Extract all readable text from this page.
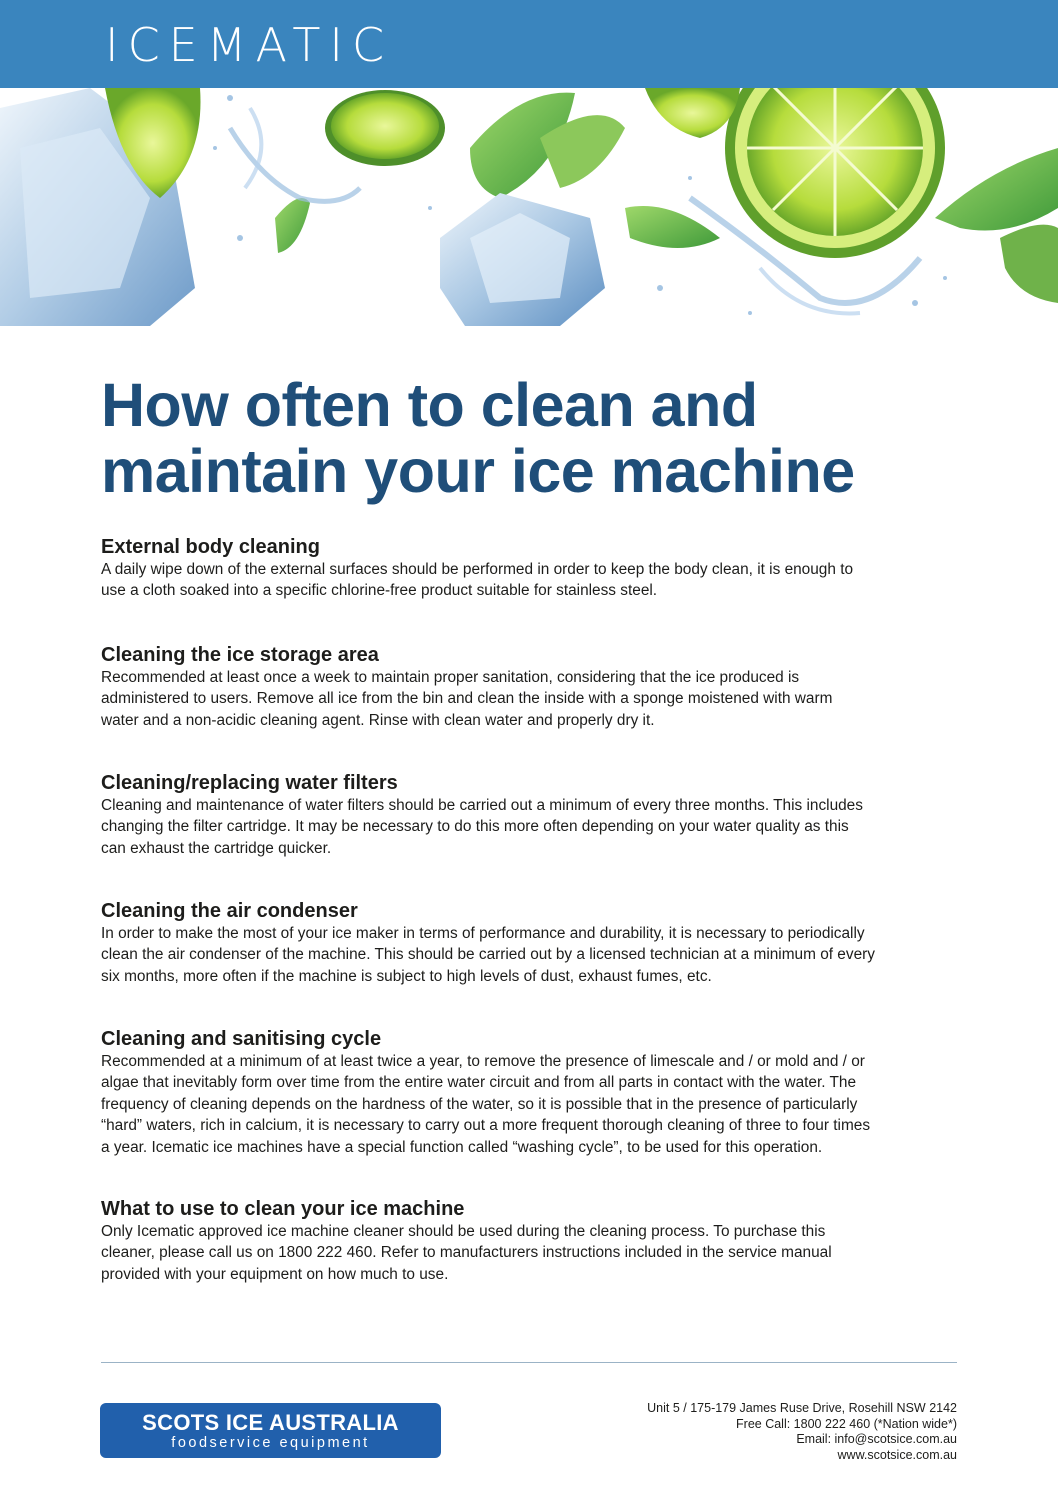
ICEMATIC
How often to clean and
maintain your ice machine
External body cleaning

A daily wipe down of the external surfaces should be performed in order to keep the body clean, it is enough to
use a cloth soaked into a specific chlorine-free product suitable for stainless steel.

Cleaning the ice storage area

Recommended at least once a week to maintain proper sanitation, considering that the ice produced is
administered to users. Remove all ice from the bin and clean the inside with a sponge moistened with warm
water and a non-acidic cleaning agent. Rinse with clean water and properly dry it.

Cleaning/replacing water filters

Cleaning and maintenance of water filters should be carried out a minimum of every three months. This includes
changing the filter cartridge. It may be necessary to do this more often depending on your water quality as this
can exhaust the cartridge quicker.

Cleaning the air condenser

In order to make the most of your ice maker in terms of performance and durability, it is necessary to periodically
clean the air condenser of the machine. This should be carried out by a licensed technician at a minimum of every
six months, more often if the machine is subject to high levels of dust, exhaust fumes, etc.

Cleaning and sanitising cycle

Recommended at a minimum of at least twice a year, to remove the presence of limescale and / or mold and / or
algae that inevitably form over time from the entire water circuit and from all parts in contact with the water. The
frequency of cleaning depends on the hardness of the water, so it is possible that in the presence of particularly
“hard” waters, rich in calcium, it is necessary to carry out a more frequent thorough cleaning of three to four times
a year. Icematic ice machines have a special function called “washing cycle”, to be used for this operation.

What to use to clean your ice machine

Only Icematic approved ice machine cleaner should be used during the cleaning process. To purchase this
cleaner, please call us on 1800 222 460. Refer to manufacturers instructions included in the service manual
provided with your equipment on how much to use.

SCOTS ICE AUSTRALIA
foodservice equipment
Unit 5 / 175-179 James Ruse Drive, Rosehill NSW 2142
Free Call: 1800 222 460 (*Nation wide*)
Email: info@scotsice.com.au
www.scotsice.com.au
